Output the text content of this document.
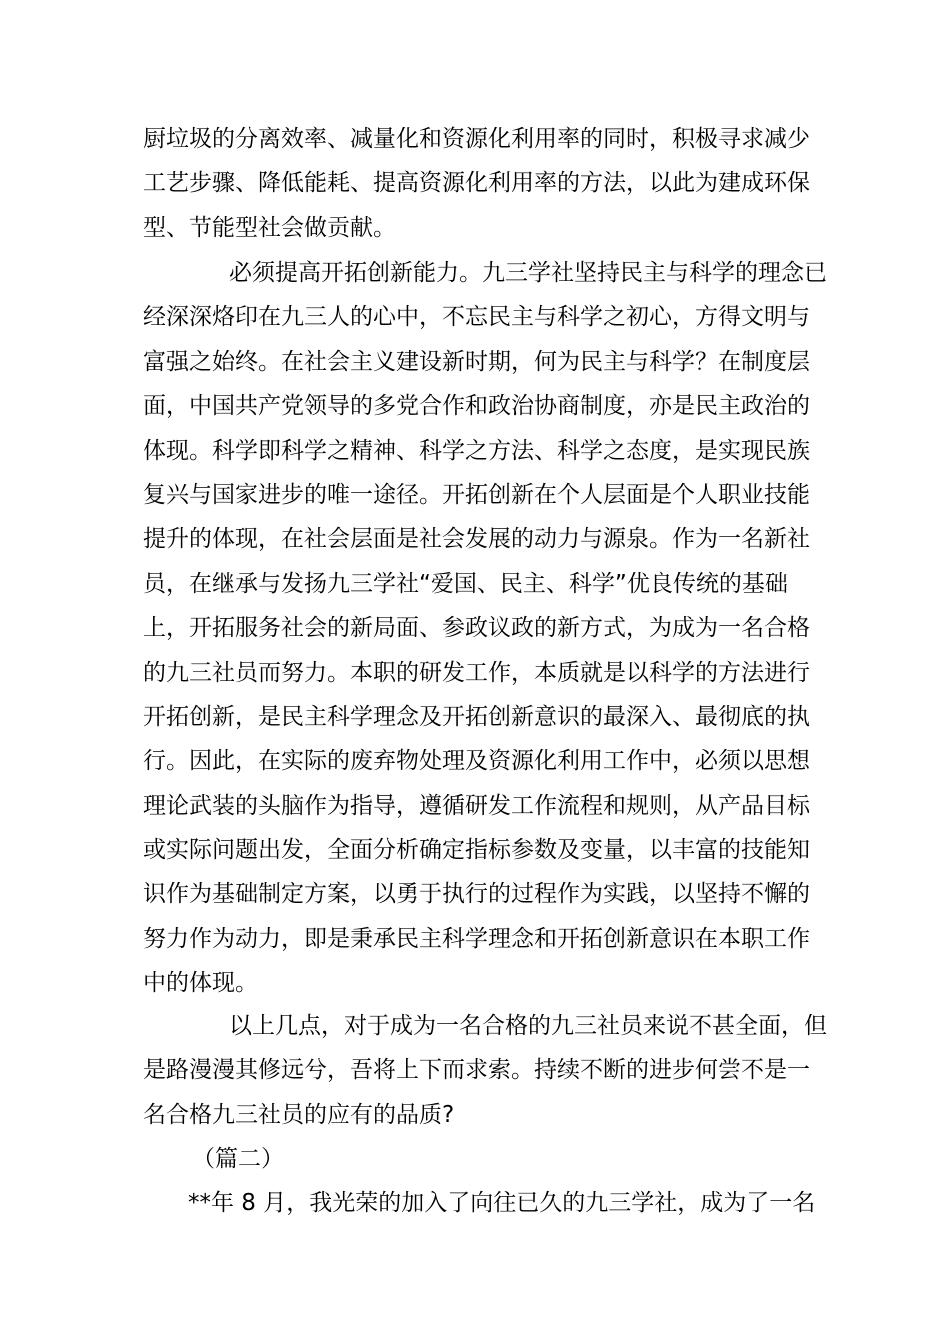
厨垃圾的分离效率、减量化和资源化利用率的同时，积极寻求减少
工艺步骤、降低能耗、提高资源化利用率的方法，以此为建成环保
型、节能型社会做贡献。
必须提高开拓创新能力。九三学社坚持民主与科学的理念已
经深深烙印在九三人的心中，不忘民主与科学之初心，方得文明与
富强之始终。在社会主义建设新时期，何为民主与科学？在制度层
面，中国共产党领导的多党合作和政治协商制度，亦是民主政治的
体现。科学即科学之精神、科学之方法、科学之态度，是实现民族
复兴与国家进步的唯一途径。开拓创新在个人层面是个人职业技能
提升的体现，在社会层面是社会发展的动力与源泉。作为一名新社
员，在继承与发扬九三学社“爱国、民主、科学”优良传统的基础
上，开拓服务社会的新局面、参政议政的新方式，为成为一名合格
的九三社员而努力。本职的研发工作，本质就是以科学的方法进行
开拓创新，是民主科学理念及开拓创新意识的最深入、最彻底的执
行。因此，在实际的废弃物处理及资源化利用工作中，必须以思想
理论武装的头脑作为指导，遵循研发工作流程和规则，从产品目标
或实际问题出发，全面分析确定指标参数及变量，以丰富的技能知
识作为基础制定方案，以勇于执行的过程作为实践，以坚持不懈的
努力作为动力，即是秉承民主科学理念和开拓创新意识在本职工作
中的体现。
以上几点，对于成为一名合格的九三社员来说不甚全面，但
是路漫漫其修远兮，吾将上下而求索。持续不断的进步何尝不是一
名合格九三社员的应有的品质?
（篇二）
**年 8 月，我光荣的加入了向往已久的九三学社，成为了一名
